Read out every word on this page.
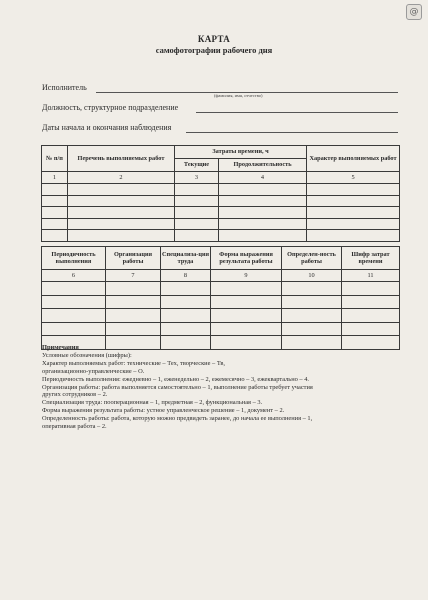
@
КАРТА
самофотографии рабочего дня
Исполнитель
(фамилия, имя, отчество)
Должность, структурное подразделение
Даты начала и окончания наблюдения
№ п/п	Перечень выполняемых работ	Затраты времени, ч		Характер выполняемых работ
		Текущие	Продолжительность	
1	2	3	4	5

Периодичность выполнения	Организация работы	Специализа-ция труда	Форма выражения результата работы	Определен-ность работы	Шифр затрат времени
6	7	8	9	10	11

Примечания
Условные обозначения (шифры):
Характер выполняемых работ: технические – Тех, творческие – Тв,
организационно-управленческие – О.
Периодичность выполнения: ежедневно – 1, еженедельно – 2, ежемесячно – 3, ежеквартально – 4.
Организация работы: работа выполняется самостоятельно – 1, выполнение работы требует участия
других сотрудников – 2.
Специализация труда: пооперационная – 1, предметная – 2, функциональная – 3.
Форма выражения результата работы: устное управленческое решение – 1, документ – 2.
Определенность работы: работа, которую можно предвидеть заранее, до начала ее выполнения – 1,
оперативная работа – 2.
